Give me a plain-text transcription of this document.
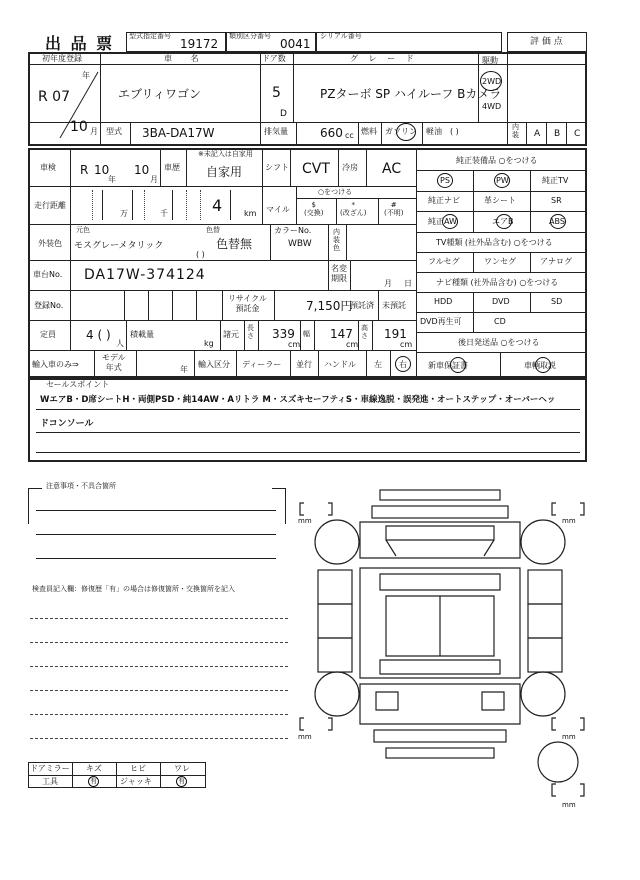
出 品 票 型式指定番号
19172
類別区分番号
0041
シリアル番号
評 価 点
初年度登録
年
R 07
10 月
車 名
エブリィワゴン
ドア数
5
D
グ レ ー ド
PZターボ SP ハイルーフ Bカメラ
駆動
2WD
4WD
型式 3BA-DA17W	排気量	660 cc 燃料 ガソリン 軽油 ( )	内装 A B C
車検 R 10
年
10
月
車歴
※未記入は自家用
自家用	シフト CVT 冷房 AC
走行距離
万	千	4	km マイル
○をつける
$
(交換)
*
(改ざん)
#
(不明)
外装色
元色
モスグレーメタリック
色替
色替無
( )
カラーNo.
WBW
内
装
色
車台No. DA17W-374124	名変
期限
月 日
登録No.
リサイクル
預託金	7,150円
預託済 未預託
定員	4 ( )
人
積載量
kg
諸元
長さ 339
cm
幅 147
cm
高さ 191
cm
輸入車のみ⇒
モデル
年式	年
輸入区分 ディーラー 並行 ハンドル 左 右
純正装備品 ○をつける
PS	PW	純正TV
純正ナビ	革シート	SR
純正AW	エアB	ABS
TV種類 (社外品含む) ○をつける
フルセグ	ワンセグ	アナログ
ナビ種類 (社外品含む) ○をつける
HDD	DVD	SD
DVD再生可	CD
後日発送品 ○をつける
新車保証書	車輌取説
セールスポイント
WエアB・D席シートH・両側PSD・純14AW・Aリトラ M・スズキセーフティS・車線逸脱・誤発進・オートステップ・オーバーヘッ
ドコンソール
注意事項・不具合箇所
検査員記入欄：修復歴「有」の場合は修復箇所・交換箇所を記入
ドアミラー キズ	ヒビ	ワレ
工具	有	ジャッキ	有
mm	mm
mm	mm
mm
